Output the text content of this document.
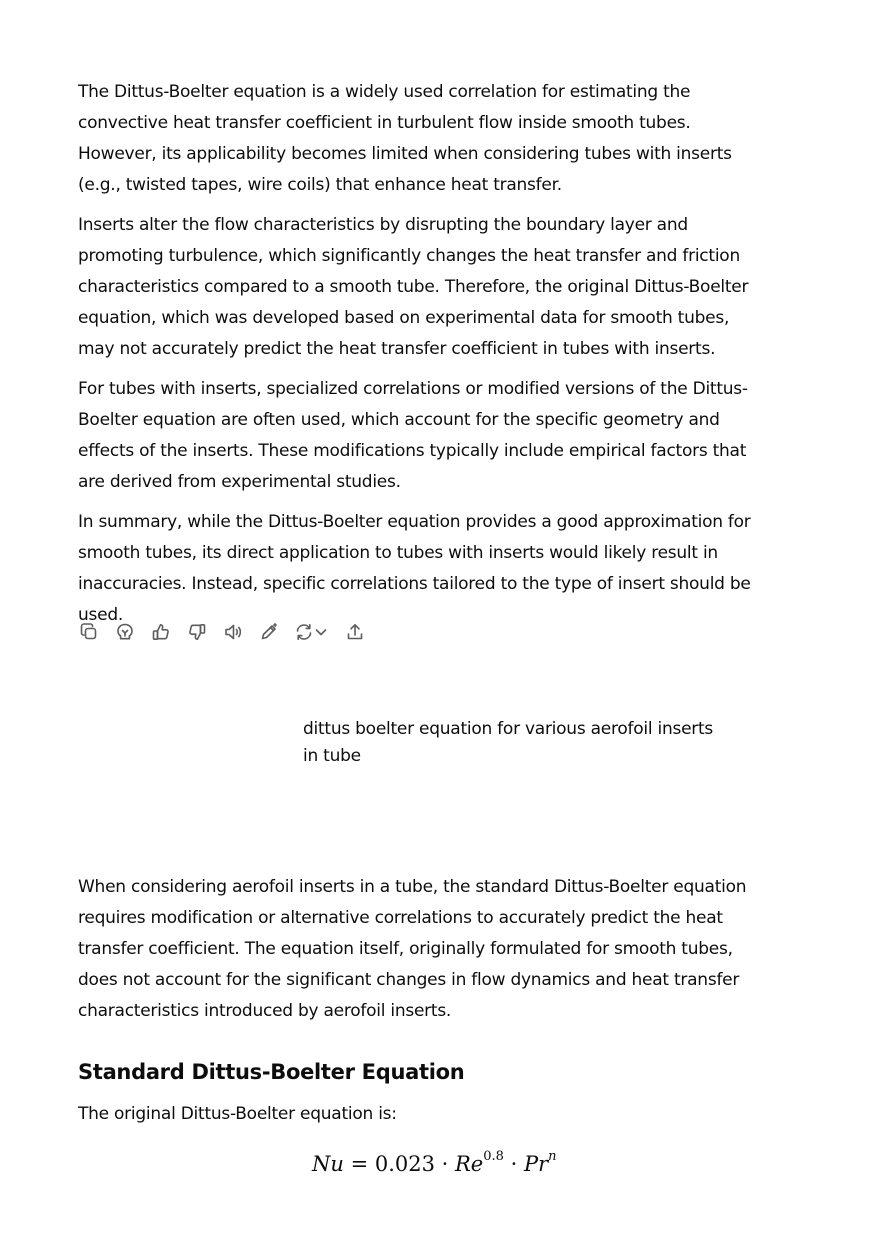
The Dittus-Boelter equation is a widely used correlation for estimating the convective heat transfer coefficient in turbulent flow inside smooth tubes. However, its applicability becomes limited when considering tubes with inserts (e.g., twisted tapes, wire coils) that enhance heat transfer.

Inserts alter the flow characteristics by disrupting the boundary layer and promoting turbulence, which significantly changes the heat transfer and friction characteristics compared to a smooth tube. Therefore, the original Dittus-Boelter equation, which was developed based on experimental data for smooth tubes, may not accurately predict the heat transfer coefficient in tubes with inserts.

For tubes with inserts, specialized correlations or modified versions of the Dittus-Boelter equation are often used, which account for the specific geometry and effects of the inserts. These modifications typically include empirical factors that are derived from experimental studies.

In summary, while the Dittus-Boelter equation provides a good approximation for smooth tubes, its direct application to tubes with inserts would likely result in inaccuracies. Instead, specific correlations tailored to the type of insert should be used.

dittus boelter equation for various aerofoil inserts in tube

When considering aerofoil inserts in a tube, the standard Dittus-Boelter equation requires modification or alternative correlations to accurately predict the heat transfer coefficient. The equation itself, originally formulated for smooth tubes, does not account for the significant changes in flow dynamics and heat transfer characteristics introduced by aerofoil inserts.

Standard Dittus-Boelter Equation

The original Dittus-Boelter equation is:

$Nu = 0.023 \cdot Re^{0.8} \cdot Pr^n$
